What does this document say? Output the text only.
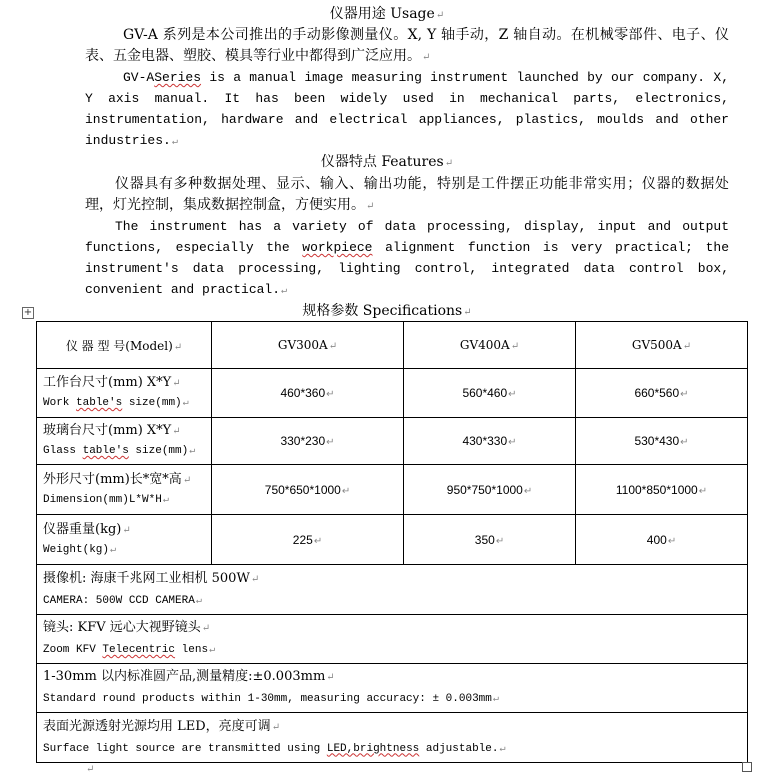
仪器用途 Usage↵

GV-A 系列是本公司推出的手动影像测量仪。X, Y 轴手动，Z 轴自动。在机械零部件、电子、仪表、五金电器、塑胶、模具等行业中都得到广泛应用。↵

GV-ASeries is a manual image measuring instrument launched by our company. X, Y axis manual. It has been widely used in mechanical parts, electronics, instrumentation, hardware and electrical appliances, plastics, moulds and other industries.↵

仪器特点 Features↵

仪器具有多种数据处理、显示、输入、输出功能，特别是工件摆正功能非常实用；仪器的数据处理，灯光控制，集成数据控制盒，方便实用。↵

The instrument has a variety of data processing, display, input and output functions, especially the workpiece alignment function is very practical; the instrument's data processing, lighting control, integrated data control box, convenient and practical.↵

+	规格参数 Specifications↵
仪 器 型 号(Model)↵	GV300A↵	GV400A↵	GV500A↵

工作台尺寸(mm) X*Y↵
Work table's size(mm)↵	460*360↵	560*460↵	660*560↵

玻璃台尺寸(mm) X*Y↵
Glass table's size(mm)↵	330*230↵	430*330↵	530*430↵

外形尺寸(mm)长*宽*高↵
Dimension(mm)L*W*H↵	750*650*1000↵	950*750*1000↵	1100*850*1000↵

仪器重量(kg)↵
Weight(kg)↵	225↵	350↵	400↵

摄像机: 海康千兆网工业相机 500W↵
CAMERA: 500W CCD CAMERA↵			

镜头: KFV 远心大视野镜头↵
Zoom KFV Telecentric lens↵			

1-30mm 以内标准圆产品,测量精度:±0.003mm↵
Standard round products within 1-30mm, measuring accuracy: ± 0.003mm↵			

表面光源透射光源均用 LED，亮度可调↵
Surface light source are transmitted using LED,brightness adjustable.↵			
↵
